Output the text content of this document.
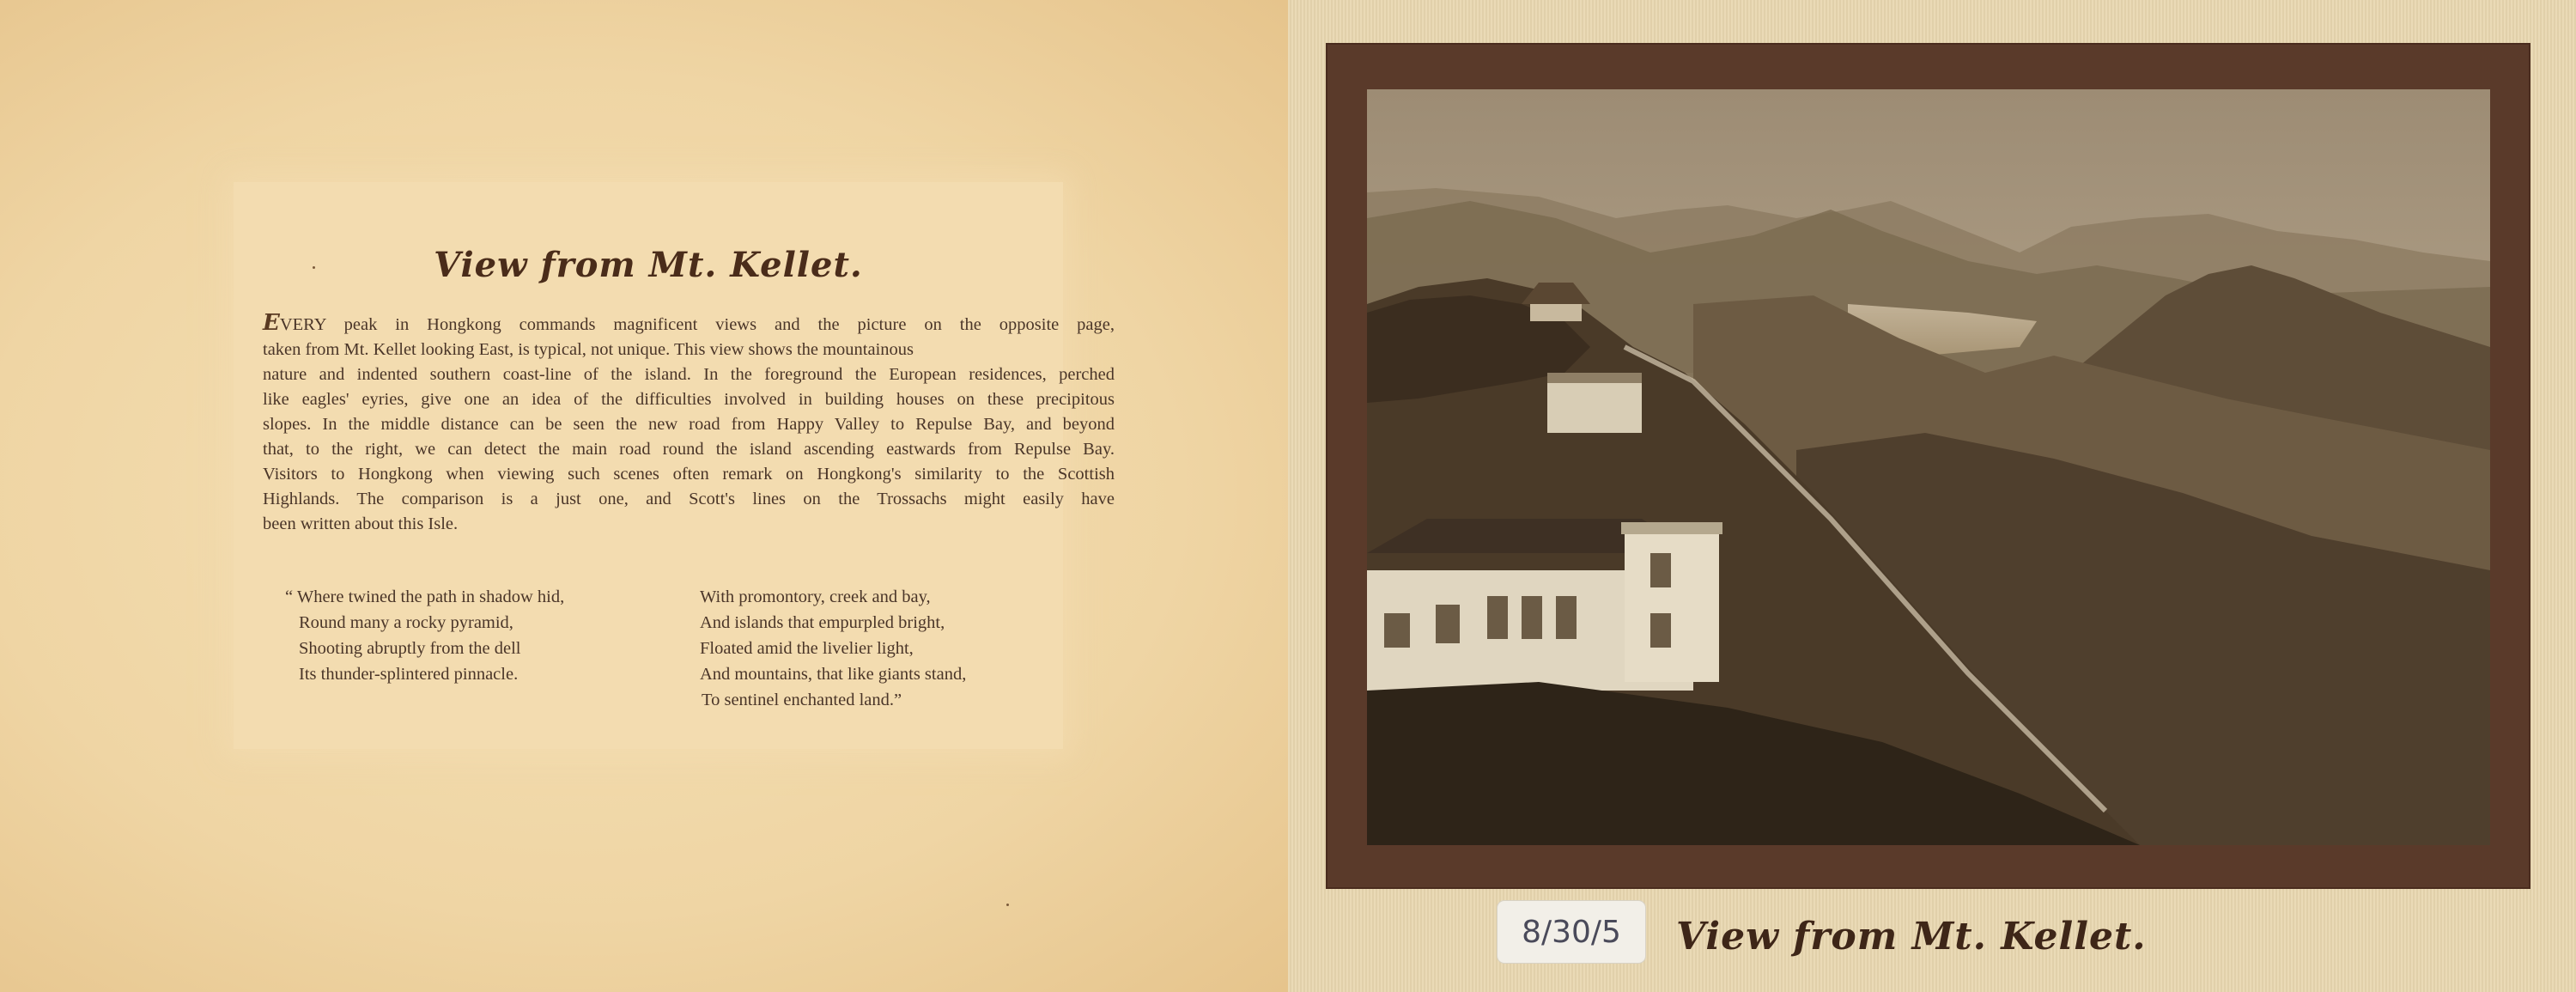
View from Mt. Kellet.
EVERY peak in Hongkong commands magnificent views and the picture on the opposite page,
taken from Mt. Kellet looking East, is typical, not unique. This view shows the mountainous
nature and indented southern coast-line of the island. In the foreground the European residences, perched
like eagles' eyries, give one an idea of the difficulties involved in building houses on these precipitous
slopes. In the middle distance can be seen the new road from Happy Valley to Repulse Bay, and beyond
that, to the right, we can detect the main road round the island ascending eastwards from Repulse Bay.
Visitors to Hongkong when viewing such scenes often remark on Hongkong's similarity to the Scottish
Highlands. The comparison is a just one, and Scott's lines on the Trossachs might easily have
been written about this Isle.
“ Where twined the path in shadow hid,
Round many a rocky pyramid,
Shooting abruptly from the dell
Its thunder-splintered pinnacle.
With promontory, creek and bay,
And islands that empurpled bright,
Floated amid the livelier light,
And mountains, that like giants stand,
To sentinel enchanted land.”
8/30/5	View from Mt. Kellet.
